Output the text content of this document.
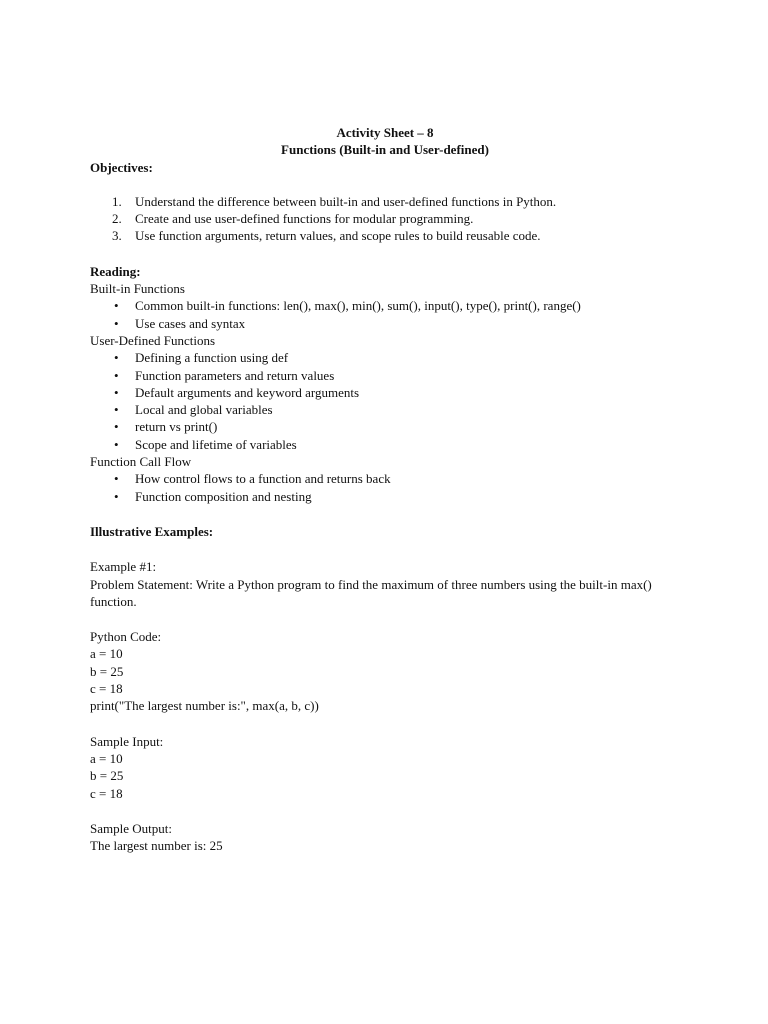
Activity Sheet – 8
Functions (Built-in and User-defined)
Objectives:
1. Understand the difference between built-in and user-defined functions in Python.
2. Create and use user-defined functions for modular programming.
3. Use function arguments, return values, and scope rules to build reusable code.
Reading:
Built-in Functions
• Common built-in functions: len(), max(), min(), sum(), input(), type(), print(), range()
• Use cases and syntax
User-Defined Functions
• Defining a function using def
• Function parameters and return values
• Default arguments and keyword arguments
• Local and global variables
• return vs print()
• Scope and lifetime of variables
Function Call Flow
• How control flows to a function and returns back
• Function composition and nesting
Illustrative Examples:
Example #1:
Problem Statement: Write a Python program to find the maximum of three numbers using the built-in max() function.
Python Code:
a = 10
b = 25
c = 18
print("The largest number is:", max(a, b, c))
Sample Input:
a = 10
b = 25
c = 18
Sample Output:
The largest number is: 25
